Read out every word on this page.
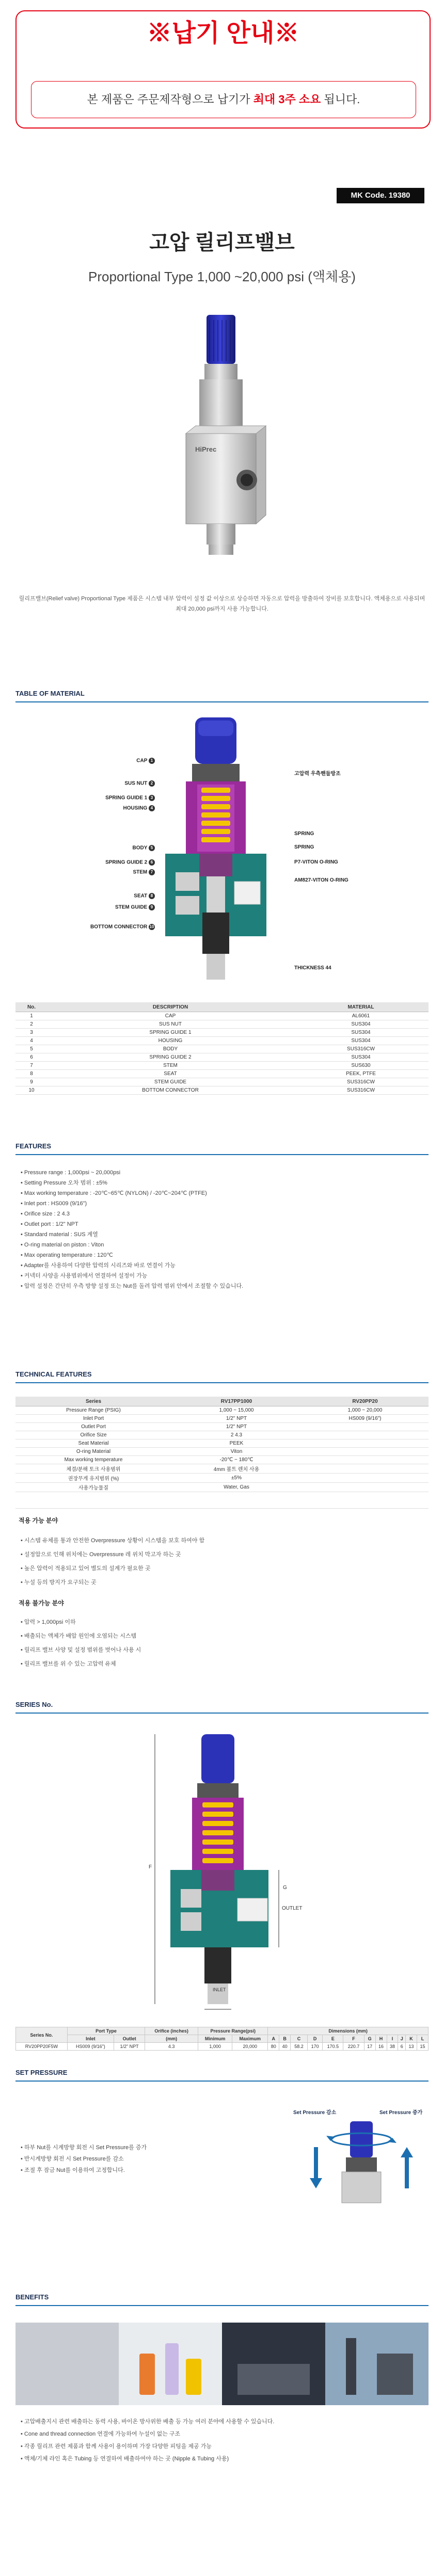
※납기 안내※
본 제품은 주문제작형으로 납기가 최대 3주 소요 됩니다.
MK Code. 19380
고압 릴리프밸브
Proportional Type 1,000 ~20,000 psi (액체용)
HiPrec
릴리프밸브(Relief valve) Proportional Type 제품은 시스템 내부 압력이 설정 값 이상으로 상승하면 자동으로 압력을 방출하여 장비를 보호합니다. 액체용으로 사용되며 최대 20,000 psi까지 사용 가능합니다.
TABLE OF MATERIAL
CAP 1
SUS NUT 2
SPRING GUIDE 1 3
HOUSING 4
BODY 5
SPRING GUIDE 2 6
STEM 7
SEAT 8
STEM GUIDE 9
BOTTOM CONNECTOR 10
고압력 우측핸들방조
SPRING
SPRING
P7-VITON O-RING
AM827-VITON O-RING
THICKNESS 44
No.	DESCRIPTION	MATERIAL
1	CAP	AL6061
2	SUS NUT	SUS304
3	SPRING GUIDE 1	SUS304
4	HOUSING	SUS304
5	BODY	SUS316CW
6	SPRING GUIDE 2	SUS304
7	STEM	SUS630
8	SEAT	PEEK, PTFE
9	STEM GUIDE	SUS316CW
10	BOTTOM CONNECTOR	SUS316CW
FEATURES
• Pressure range : 1,000psi ~ 20,000psi
• Setting Pressure 오차 범위 : ±5%
• Max working temperature : -20℃~65℃ (NYLON) / -20℃~204℃ (PTFE)
• Inlet port : HS009 (9/16")
• Orifice size : 2 4.3
• Outlet port : 1/2" NPT
• Standard material : SUS 계열
• O-ring material on piston : Viton
• Max operating temperature : 120℃
• Adapter를 사용하여 다양한 압력의 시리즈와 바로 연결이 가능
• 커넥터 사양을 사용범위에서 연결하여 설정이 가능
• 압력 설정은 간단히 우측 방향 설정 또는 Nut를 돌려 압력 범위 안에서 조절할 수 있습니다.
TECHNICAL FEATURES
Series	RV17PP1000	RV20PP20
Pressure Range (PSIG)	1,000 ~ 15,000	1,000 ~ 20,000
Inlet Port	1/2" NPT	HS009 (9/16")
Outlet Port	1/2" NPT	
Orifice Size	2 4.3	
Seat Material	PEEK	
O-ring Material	Viton	
Max working temperature	-20℃ ~ 180℃	
체결/분해 토크 사용범위	4mm 볼트 렌치 사용	
권장무게 유지범위 (%)	±5%	
사용가능물질	Water, Gas	
적용 가능 분야
• 시스템 유체를 통과 안전한 Overpressure 상황이 시스템을 보호 하여야 함
• 설정압으로 인해 위치에는 Overpressure 레 위치 막고자 하는 곳
• 높은 압력이 적용되고 있어 별도의 설계가 필요한 곳
• 누설 등의 방지가 요구되는 곳
적용 불가능 분야
• 압력 > 1,000psi 이하
• 배출되는 액체가 배압 원인에 오염되는 시스템
• 릴리프 밸브 사양 및 설정 범위를 벗어나 사용 시
• 릴리프 밸브를 위 수 있는 고압력 유체
SERIES No.
F
OUTLET
INLET
G
Series No.	Port Type		Orifice (inches)	Pressure Range(psi)		Dimensions (mm)											
	Inlet	Outlet	(mm)	Minimum	Maximum	A	B	C	D	E	F	G	H	I	J	K	L
RV20PP20F5W	HS009 (9/16")	1/2" NPT	4.3	1,000	20,000	80	40	58.2	170	170.5	220.7	17	16	38	6	13	15
SET PRESSURE
• 하부 Nut를 시계방향 회전 시 Set Pressure를 증가
• 반시계방향 회전 시 Set Pressure를 감소
• 조절 후 잠금 Nut를 이용하여 고정합니다.
Set Pressure 감소	Set Pressure 증가
BENEFITS
• 고압배출지시 관련 배출하는 동력 사용, 바이온 방사위한 배출 등 가능 여러 분야에 사용할 수 있습니다.
• Cone and thread connection 연결에 가능하여 누설이 없는 구조
• 각종 릴리프 관련 제품과 함께 사용이 용이하며 가장 다양한 피팅을 제공 가능
• 액체/기체 라인 혹은 Tubing 등 연결하여 배출하여야 하는 곳 (Nipple & Tubing 사용)
